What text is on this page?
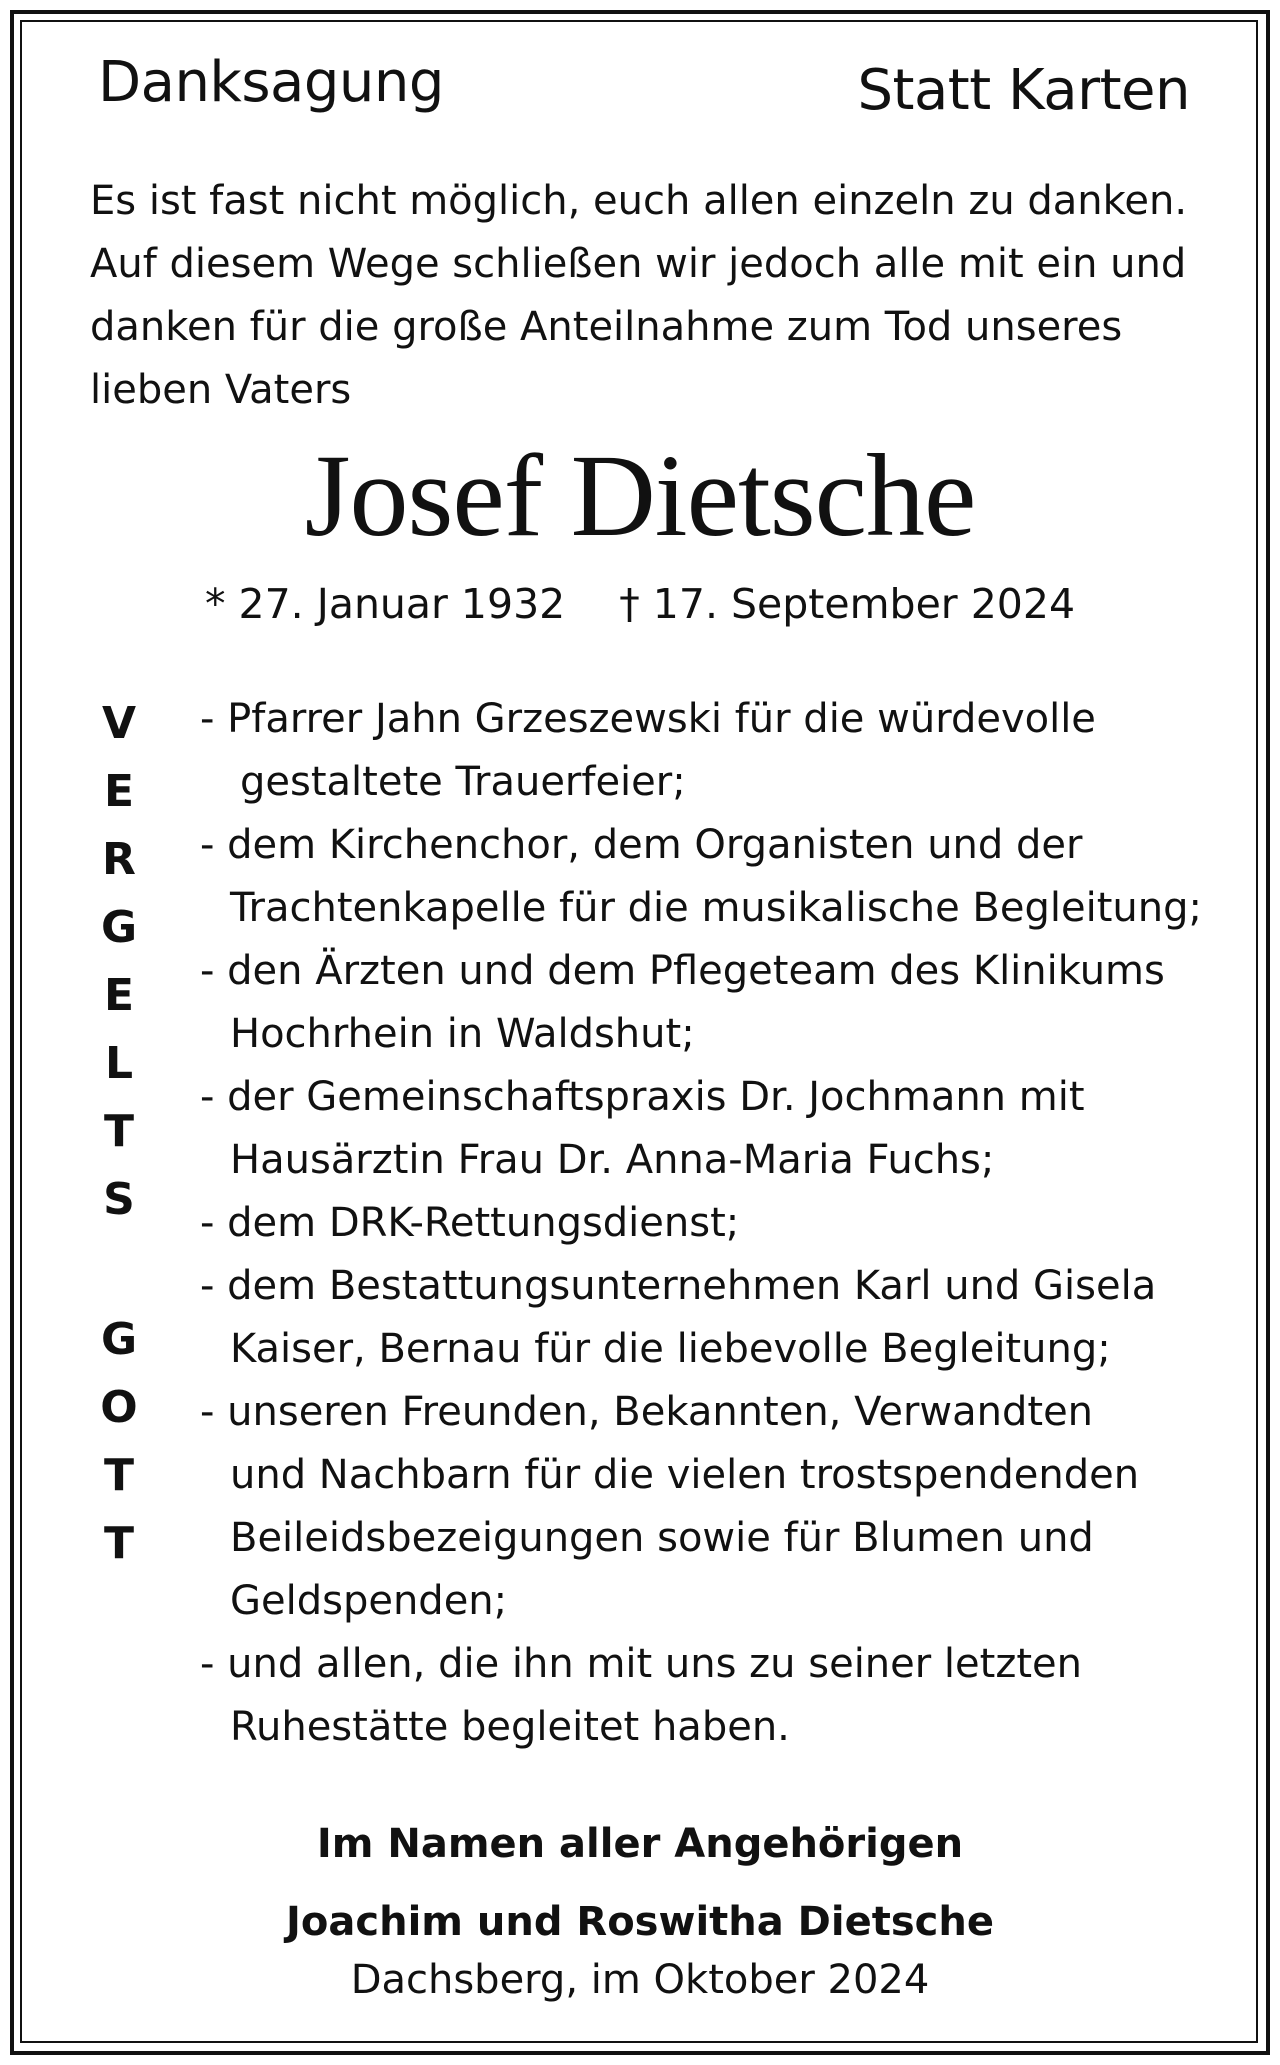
Danksagung	Statt Karten
Es ist fast nicht möglich, euch allen einzeln zu danken.
Auf diesem Wege schließen wir jedoch alle mit ein und
danken für die große Anteilnahme zum Tod unseres
lieben Vaters
Josef Dietsche
* 27. Januar 1932 † 17. September 2024
V
E
R
G
E
L
T
S
G
O
T
T
- Pfarrer Jahn Grzeszewski für die würdevolle
gestaltete Trauerfeier;
- dem Kirchenchor, dem Organisten und der
Trachtenkapelle für die musikalische Begleitung;
- den Ärzten und dem Pflegeteam des Klinikums
Hochrhein in Waldshut;
- der Gemeinschaftspraxis Dr. Jochmann mit
Hausärztin Frau Dr. Anna-Maria Fuchs;
- dem DRK-Rettungsdienst;
- dem Bestattungsunternehmen Karl und Gisela
Kaiser, Bernau für die liebevolle Begleitung;
- unseren Freunden, Bekannten, Verwandten
und Nachbarn für die vielen trostspendenden
Beileidsbezeigungen sowie für Blumen und
Geldspenden;
- und allen, die ihn mit uns zu seiner letzten
Ruhestätte begleitet haben.
Im Namen aller Angehörigen
Joachim und Roswitha Dietsche
Dachsberg, im Oktober 2024
